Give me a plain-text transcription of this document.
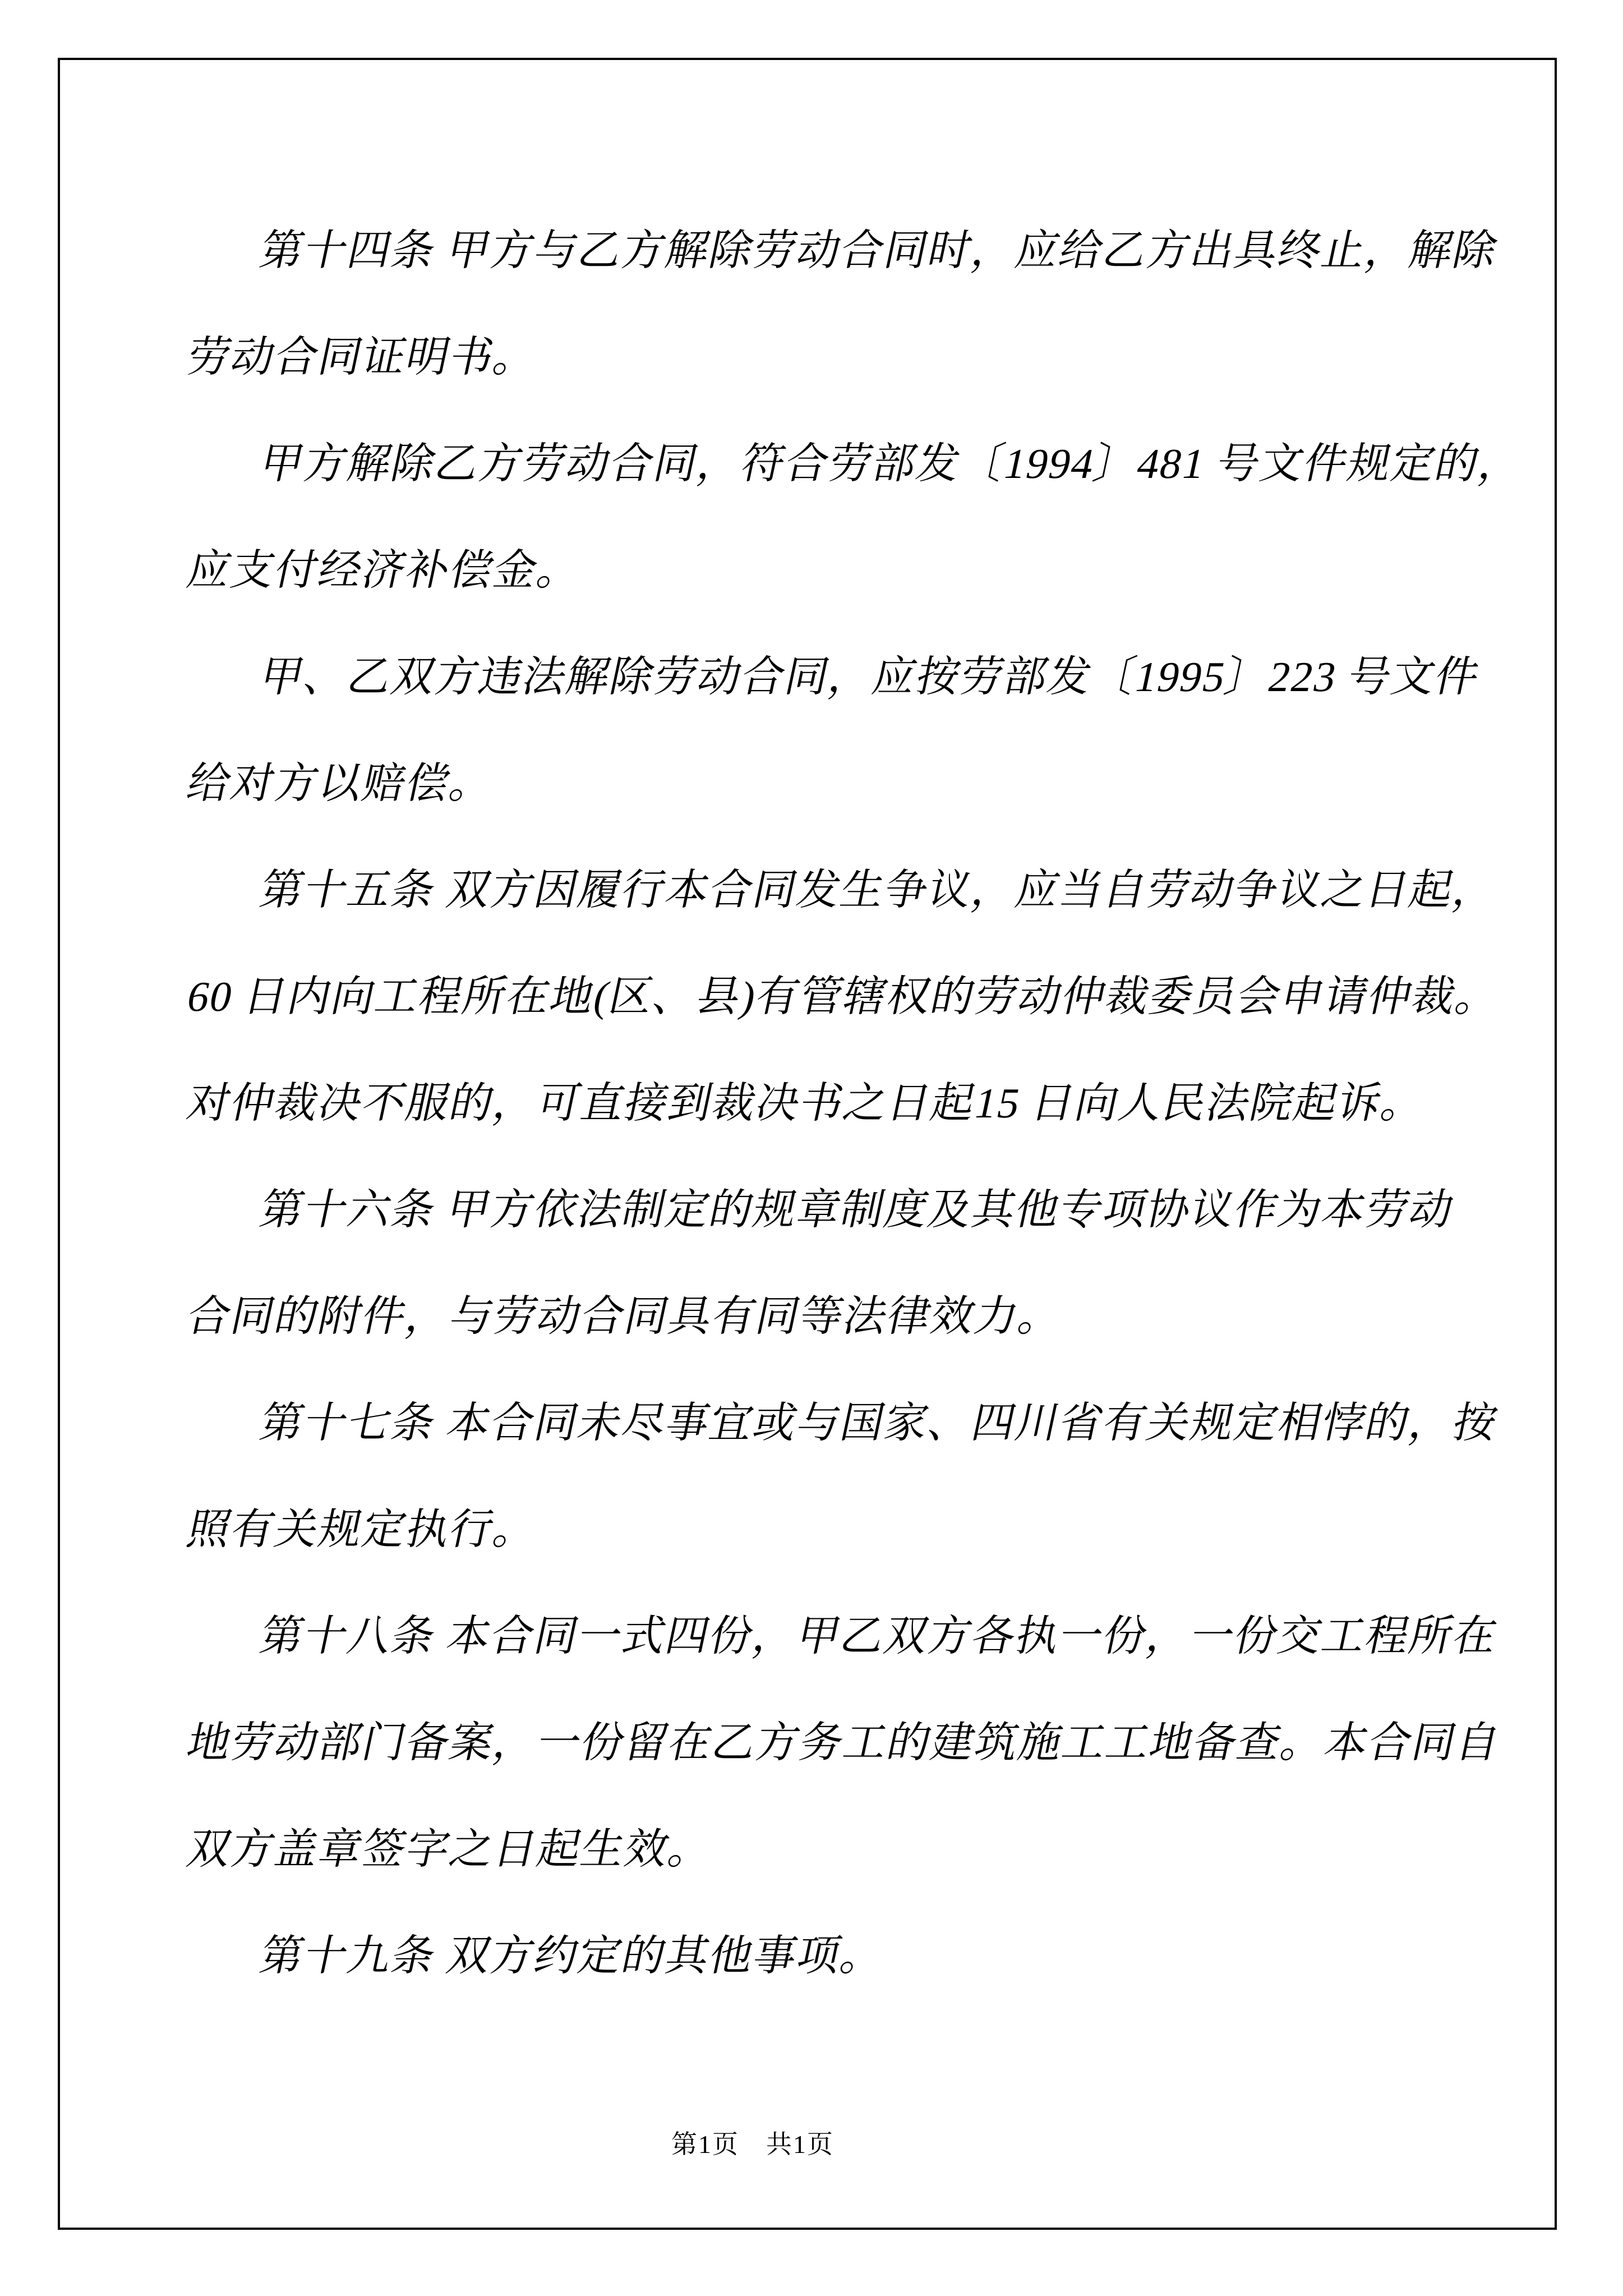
第十四条 甲方与乙方解除劳动合同时，应给乙方出具终止，解除
劳动合同证明书。
甲方解除乙方劳动合同，符合劳部发〔1994〕481 号文件规定的，
应支付经济补偿金。
甲、乙双方违法解除劳动合同，应按劳部发〔1995〕223 号文件
给对方以赔偿。
第十五条 双方因履行本合同发生争议，应当自劳动争议之日起，
60 日内向工程所在地(区、县)有管辖权的劳动仲裁委员会申请仲裁。
对仲裁决不服的，可直接到裁决书之日起15 日向人民法院起诉。
第十六条 甲方依法制定的规章制度及其他专项协议作为本劳动
合同的附件，与劳动合同具有同等法律效力。
第十七条 本合同未尽事宜或与国家、四川省有关规定相悖的，按
照有关规定执行。
第十八条 本合同一式四份，甲乙双方各执一份，一份交工程所在
地劳动部门备案，一份留在乙方务工的建筑施工工地备查。本合同自
双方盖章签字之日起生效。
第十九条 双方约定的其他事项。
第1页　共1页
